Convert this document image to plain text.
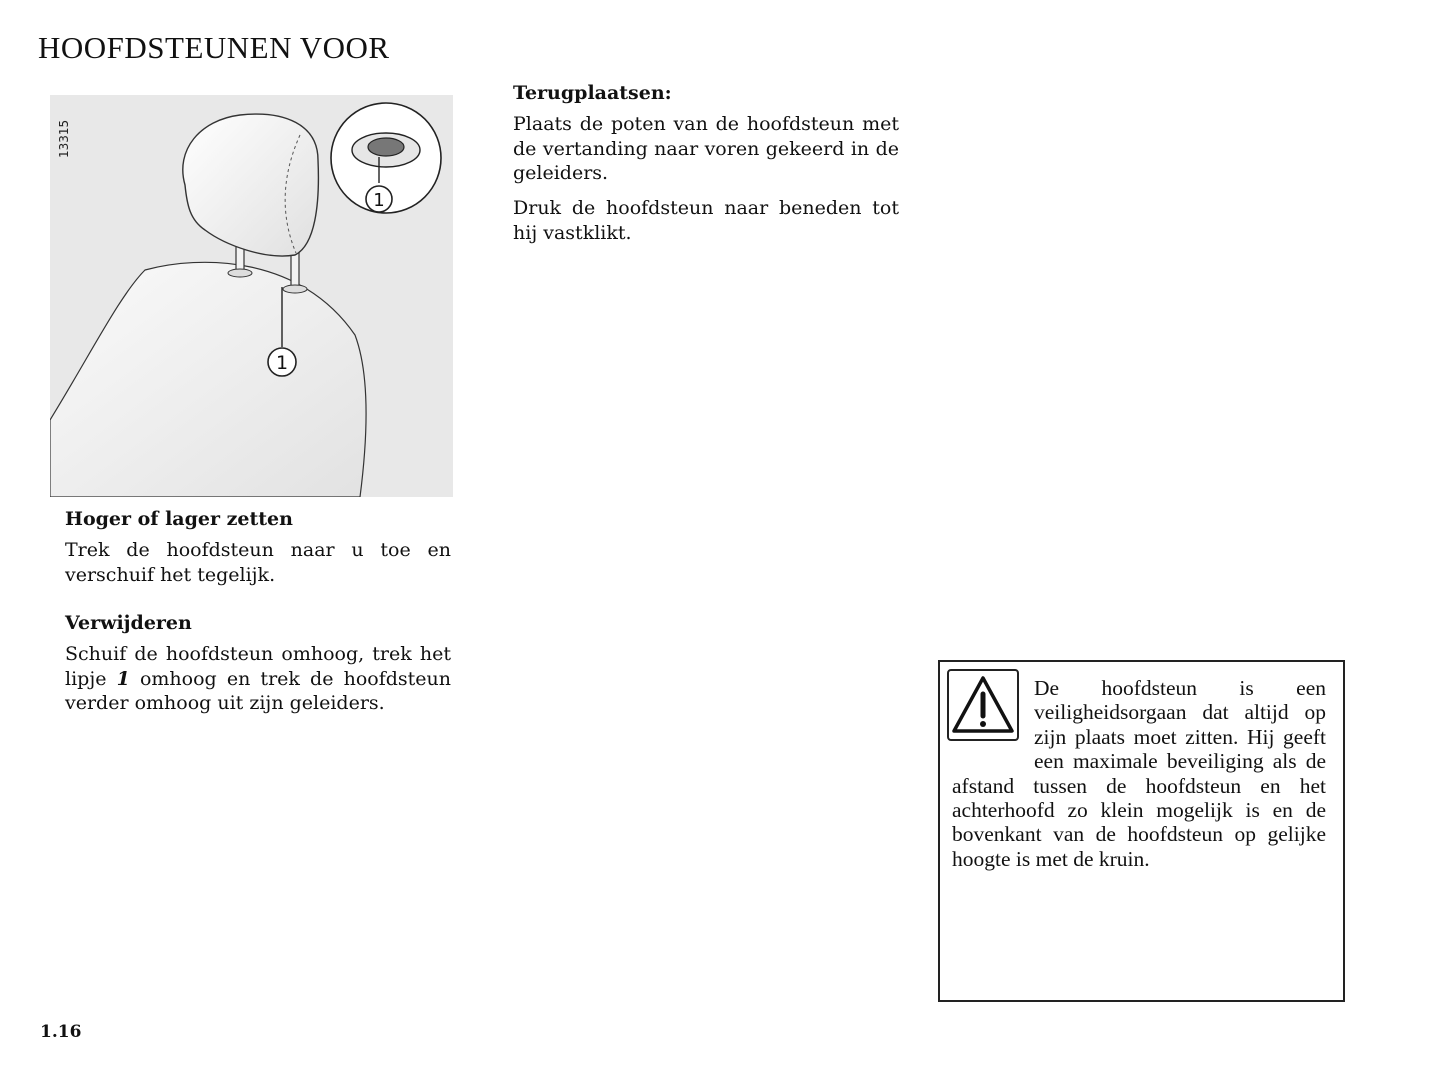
HOOFDSTEUNEN VOOR
1
1
13315
Hoger of lager zetten

Trek de hoofdsteun naar u toe en verschuif het tegelijk.

Verwijderen

Schuif de hoofdsteun omhoog, trek het lipje 1 omhoog en trek de hoofdsteun verder omhoog uit zijn geleiders.

Terugplaatsen:

Plaats de poten van de hoofdsteun met de vertanding naar voren gekeerd in de geleiders.

Druk de hoofdsteun naar beneden tot hij vastklikt.

De hoofdsteun is een veiligheidsorgaan dat altijd op zijn plaats moet zitten. Hij geeft een maximale beveiliging als de afstand tussen de hoofdsteun en het achterhoofd zo klein mogelijk is en de bovenkant van de hoofdsteun op gelijke hoogte is met de kruin.

1.16
